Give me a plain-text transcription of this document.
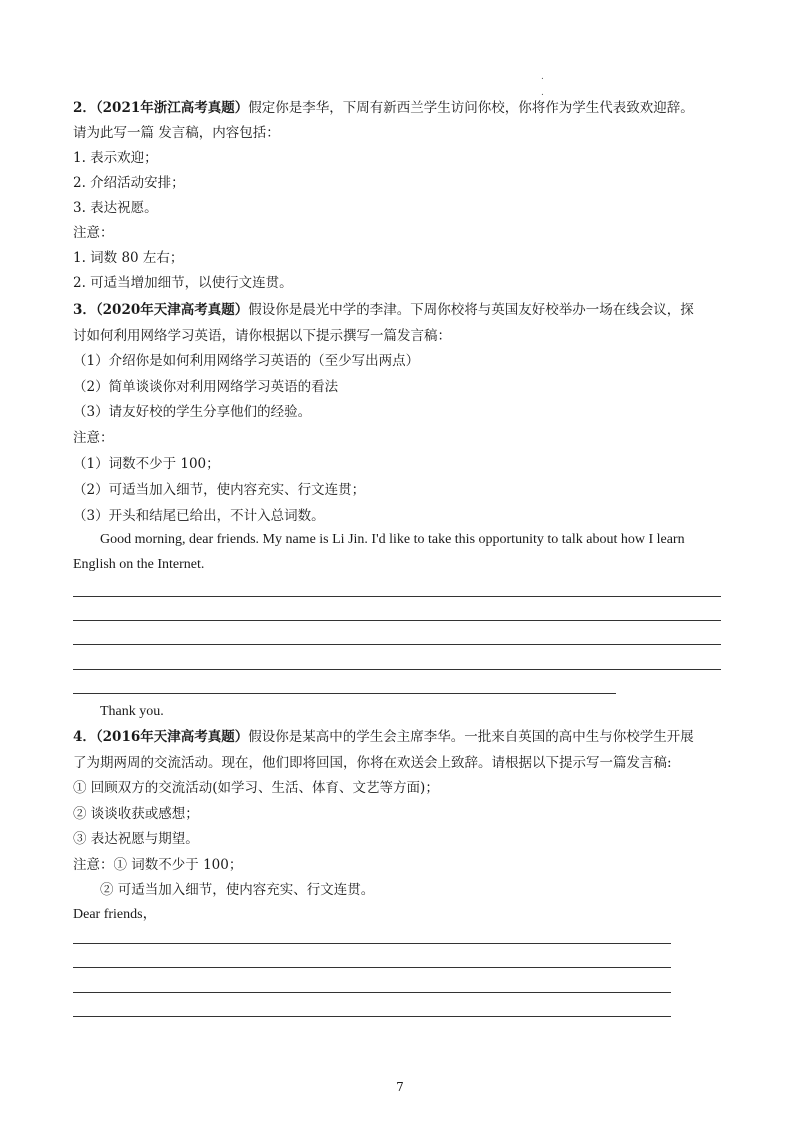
.
.
2．（2021年浙江高考真题）假定你是李华，下周有新西兰学生访问你校，你将作为学生代表致欢迎辞。
请为此写一篇 发言稿，内容包括：
1. 表示欢迎；
2. 介绍活动安排；
3. 表达祝愿。
注意：
1. 词数 80 左右；
2. 可适当增加细节，以使行文连贯。
3．（2020年天津高考真题）假设你是晨光中学的李津。下周你校将与英国友好校举办一场在线会议，探
讨如何利用网络学习英语，请你根据以下提示撰写一篇发言稿：
（1）介绍你是如何利用网络学习英语的（至少写出两点）
（2）简单谈谈你对利用网络学习英语的看法
（3）请友好校的学生分享他们的经验。
注意：
（1）词数不少于 100；
（2）可适当加入细节，使内容充实、行文连贯；
（3）开头和结尾已给出，不计入总词数。
Good morning, dear friends. My name is Li Jin. I'd like to take this opportunity to talk about how I learn
English on the Internet.
Thank you.
4．（2016年天津高考真题）假设你是某高中的学生会主席李华。一批来自英国的高中生与你校学生开展
了为期两周的交流活动。现在，他们即将回国，你将在欢送会上致辞。请根据以下提示写一篇发言稿:
① 回顾双方的交流活动(如学习、生活、体育、文艺等方面)；
② 谈谈收获或感想；
③ 表达祝愿与期望。
注意：① 词数不少于 100；
② 可适当加入细节，使内容充实、行文连贯。
Dear friends，
7
